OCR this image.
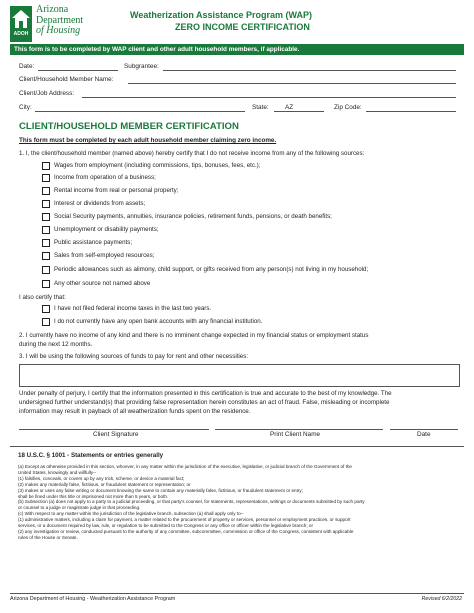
ADOH
Arizona
Department
of Housing
Weatherization Assistance Program (WAP)
ZERO INCOME CERTIFICATION
This form is to be completed by WAP client and other adult household members, if applicable.
Date:	Subgrantee:
Client/Household Member Name:
Client/Job Address:
City:	State:	AZ	Zip Code:
CLIENT/HOUSEHOLD MEMBER CERTIFICATION
This form must be completed by each adult household member claiming zero income.
1. I, the client/household member (named above) hereby certify that I do not receive income from any of the following sources:
Wages from employment (including commissions, tips, bonuses, fees, etc.);
Income from operation of a business;
Rental income from real or personal property;
Interest or dividends from assets;
Social Security payments, annuities, insurance policies, retirement funds, pensions, or death benefits;
Unemployment or disability payments;
Public assistance payments;
Sales from self-employed resources;
Periodic allowances such as alimony, child support, or gifts received from any person(s) not living in my household;
Any other source not named above
I also certify that:
I have not filed federal income taxes in the last two years.
I do not currently have any open bank accounts with any financial institution.
2. I currently have no income of any kind and there is no imminent change expected in my financial status or employment status
during the next 12 months.
3. I will be using the following sources of funds to pay for rent and other necessities:
Under penalty of perjury, I certify that the information presented in this certification is true and accurate to the best of my knowledge. The
undersigned further understand(s) that providing false representation herein constitutes an act of fraud. False, misleading or incomplete
information may result in payback of all weatherization funds spent on the residence.
Client Signature	Print Client Name	Date
18 U.S.C. § 1001 - Statements or entries generally

(a) Except as otherwise provided in this section, whoever, in any matter within the jurisdiction of the executive, legislative, or judicial branch of the Government of the

United States, knowingly and willfully--

(1) falsifies, conceals, or covers up by any trick, scheme, or device a material fact;

(2) makes any materially false, fictitious, or fraudulent statement or representation; or

(3) makes or uses any false writing or document knowing the same to contain any materially false, fictitious, or fraudulent statement or entry;

shall be fined under this title or imprisoned not more than 5 years, or both.

(b) Subsection (a) does not apply to a party to a judicial proceeding, or that party's counsel, for statements, representations, writings or documents submitted by such party

or counsel to a judge or magistrate judge in that proceeding.

(c) With respect to any matter within the jurisdiction of the legislative branch, subsection (a) shall apply only to--

(1) administrative matters, including a claim for payment, a matter related to the procurement of property or services, personnel or employment practices, or support

services, or a document required by law, rule, or regulation to be submitted to the Congress or any office or officer within the legislative branch; or

(2) any investigation or review, conducted pursuant to the authority of any committee, subcommittee, commission or office of the Congress, consistent with applicable

rules of the House or Senate.

Arizona Department of Housing - Weatherization Assistance Program	Revised 6/2/2022
